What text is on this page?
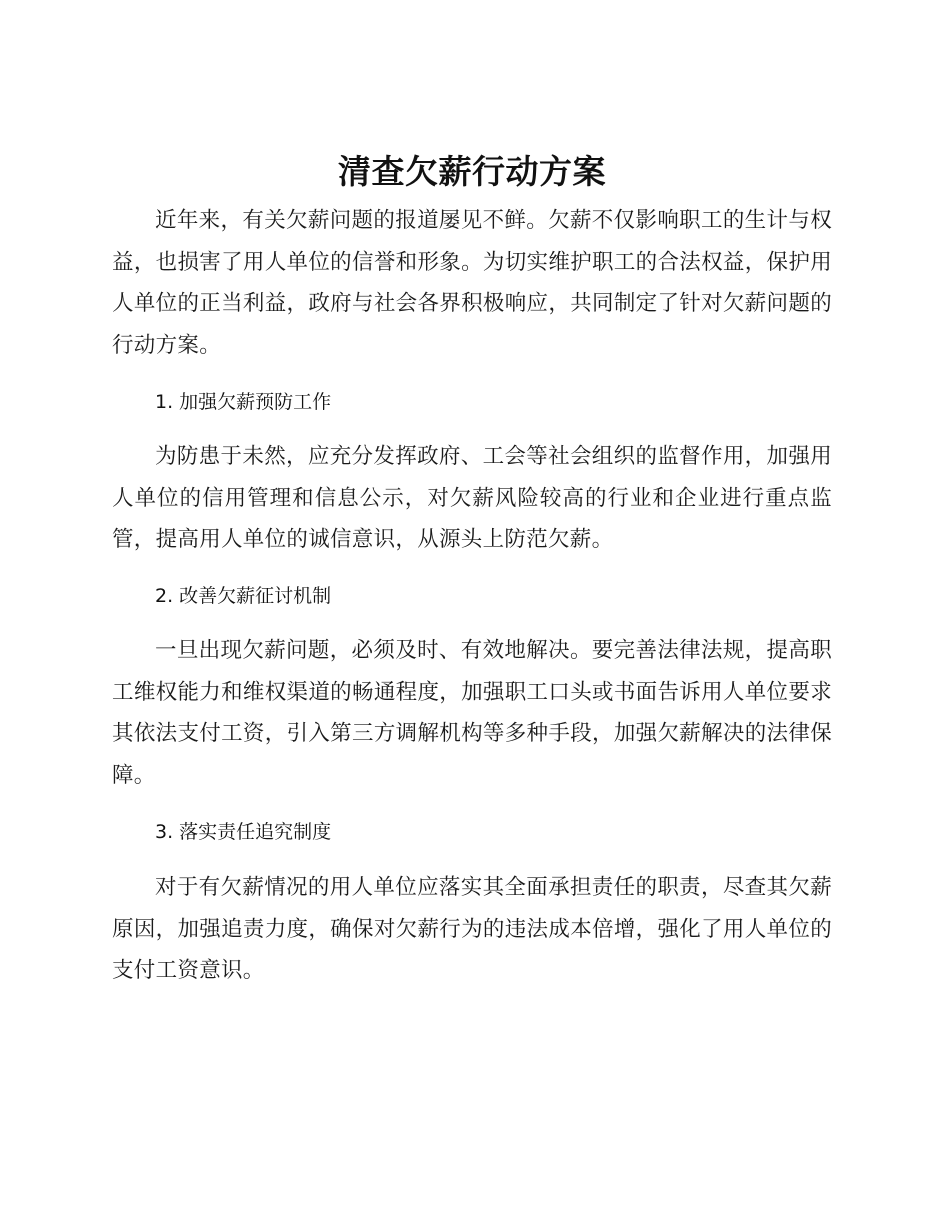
清查欠薪行动方案

近年来，有关欠薪问题的报道屡见不鲜。欠薪不仅影响职工的生计与权益，也损害了用人单位的信誉和形象。为切实维护职工的合法权益，保护用人单位的正当利益，政府与社会各界积极响应，共同制定了针对欠薪问题的行动方案。

1. 加强欠薪预防工作

为防患于未然，应充分发挥政府、工会等社会组织的监督作用，加强用人单位的信用管理和信息公示，对欠薪风险较高的行业和企业进行重点监管，提高用人单位的诚信意识，从源头上防范欠薪。

2. 改善欠薪征讨机制

一旦出现欠薪问题，必须及时、有效地解决。要完善法律法规，提高职工维权能力和维权渠道的畅通程度，加强职工口头或书面告诉用人单位要求其依法支付工资，引入第三方调解机构等多种手段，加强欠薪解决的法律保障。

3. 落实责任追究制度

对于有欠薪情况的用人单位应落实其全面承担责任的职责，尽查其欠薪原因，加强追责力度，确保对欠薪行为的违法成本倍增，强化了用人单位的支付工资意识。
